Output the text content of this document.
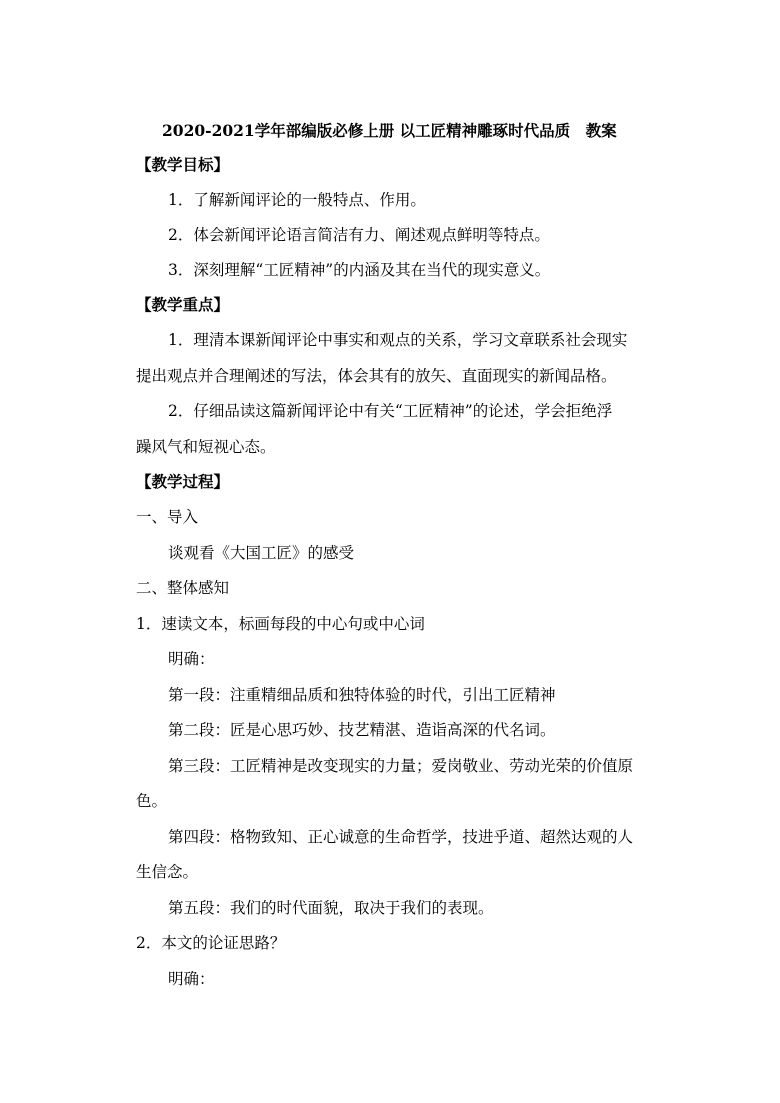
2020-2021学年部编版必修上册 以工匠精神雕琢时代品质　教案
【教学目标】
1．了解新闻评论的一般特点、作用。
2．体会新闻评论语言简洁有力、阐述观点鲜明等特点。
3．深刻理解“工匠精神”的内涵及其在当代的现实意义。
【教学重点】
1．理清本课新闻评论中事实和观点的关系，学习文章联系社会现实
提出观点并合理阐述的写法，体会其有的放矢、直面现实的新闻品格。
2．仔细品读这篇新闻评论中有关“工匠精神”的论述，学会拒绝浮
躁风气和短视心态。
【教学过程】
一、导入
谈观看《大国工匠》的感受
二、整体感知
1．速读文本，标画每段的中心句或中心词
明确：
第一段：注重精细品质和独特体验的时代，引出工匠精神
第二段：匠是心思巧妙、技艺精湛、造诣高深的代名词。
第三段：工匠精神是改变现实的力量；爱岗敬业、劳动光荣的价值原
色。
第四段：格物致知、正心诚意的生命哲学，技进乎道、超然达观的人
生信念。
第五段：我们的时代面貌，取决于我们的表现。
2．本文的论证思路？
明确：
